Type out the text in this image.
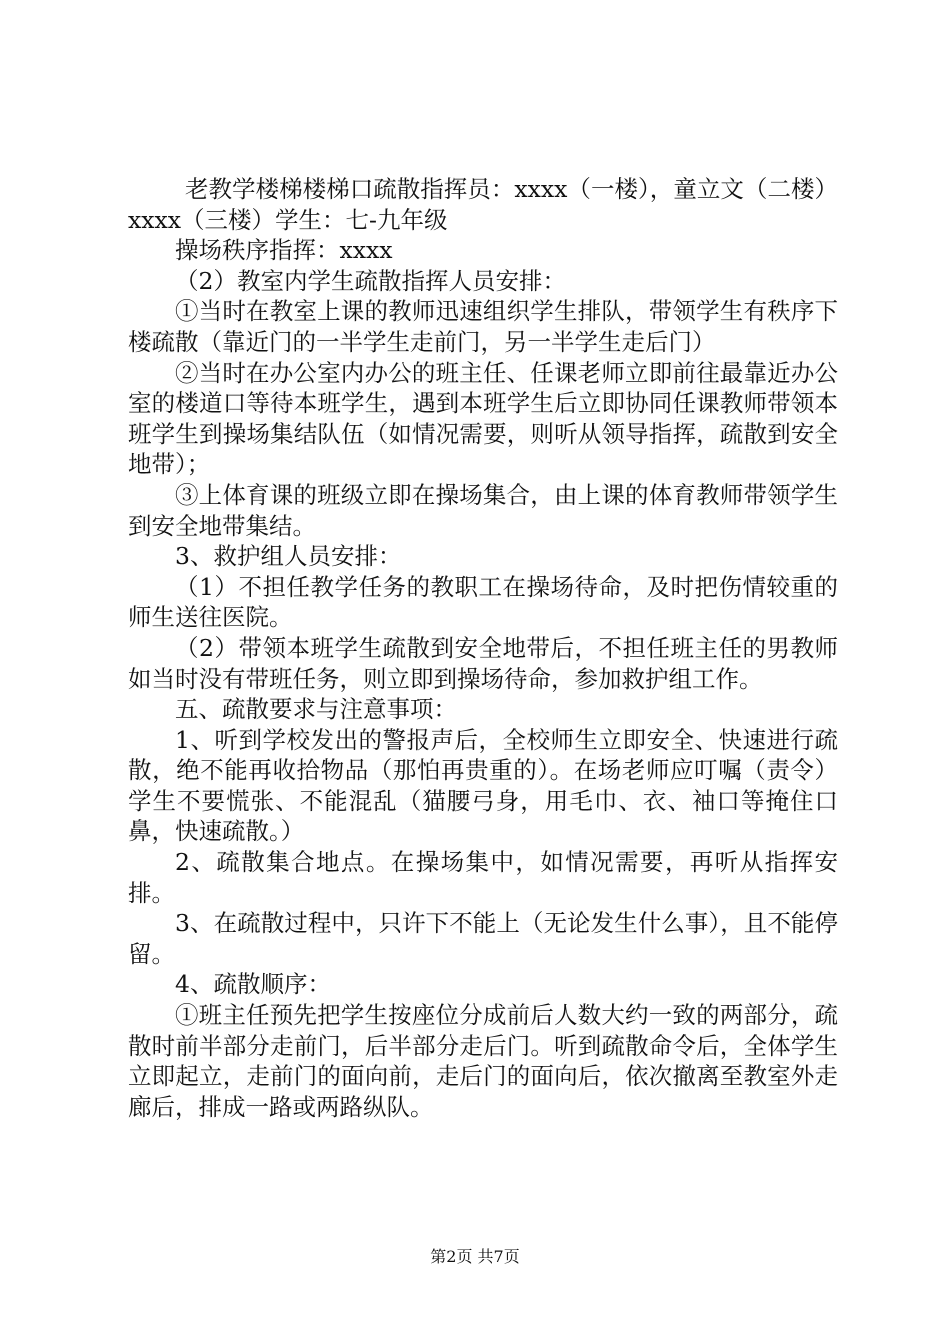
老教学楼梯楼梯口疏散指挥员：xxxx（一楼），童立文（二楼）xxxx（三楼）学生：七-九年级

操场秩序指挥：xxxx

（2）教室内学生疏散指挥人员安排：

①当时在教室上课的教师迅速组织学生排队，带领学生有秩序下楼疏散（靠近门的一半学生走前门，另一半学生走后门）

②当时在办公室内办公的班主任、任课老师立即前往最靠近办公室的楼道口等待本班学生，遇到本班学生后立即协同任课教师带领本班学生到操场集结队伍（如情况需要，则听从领导指挥，疏散到安全地带）；

③上体育课的班级立即在操场集合，由上课的体育教师带领学生到安全地带集结。

3、救护组人员安排：

（1）不担任教学任务的教职工在操场待命，及时把伤情较重的师生送往医院。

（2）带领本班学生疏散到安全地带后，不担任班主任的男教师如当时没有带班任务，则立即到操场待命，参加救护组工作。

五、疏散要求与注意事项：

1、听到学校发出的警报声后，全校师生立即安全、快速进行疏散，绝不能再收拾物品（那怕再贵重的）。在场老师应叮嘱（责令）学生不要慌张、不能混乱（猫腰弓身，用毛巾、衣、袖口等掩住口鼻，快速疏散。）

2、疏散集合地点。在操场集中，如情况需要，再听从指挥安排。

3、在疏散过程中，只许下不能上（无论发生什么事），且不能停留。

4、疏散顺序：

①班主任预先把学生按座位分成前后人数大约一致的两部分，疏散时前半部分走前门，后半部分走后门。听到疏散命令后，全体学生立即起立，走前门的面向前，走后门的面向后，依次撤离至教室外走廊后，排成一路或两路纵队。

第2页 共7页
